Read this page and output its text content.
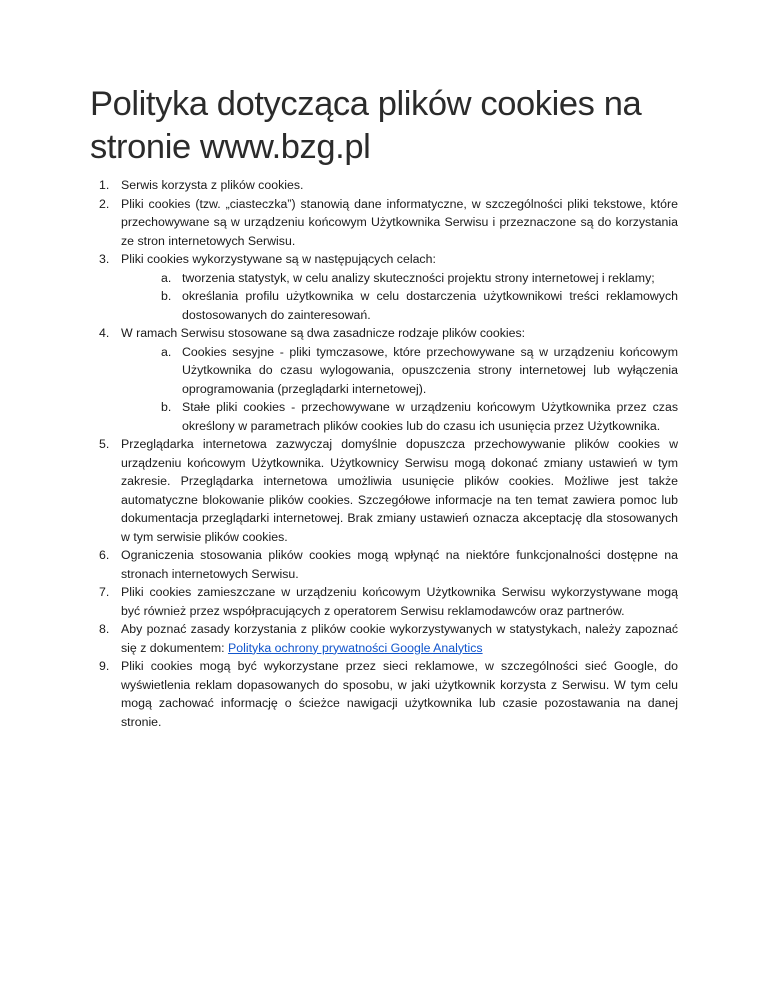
Polityka dotycząca plików cookies na
stronie www.bzg.pl
1. Serwis korzysta z plików cookies.
2. Pliki cookies (tzw. „ciasteczka”) stanowią dane informatyczne, w szczególności pliki tekstowe, które przechowywane są w urządzeniu końcowym Użytkownika Serwisu i przeznaczone są do korzystania ze stron internetowych Serwisu.
3. Pliki cookies wykorzystywane są w następujących celach:
a. tworzenia statystyk, w celu analizy skuteczności projektu strony internetowej i reklamy;
b. określania profilu użytkownika w celu dostarczenia użytkownikowi treści reklamowych dostosowanych do zainteresowań.
4. W ramach Serwisu stosowane są dwa zasadnicze rodzaje plików cookies:
a. Cookies sesyjne - pliki tymczasowe, które przechowywane są w urządzeniu końcowym Użytkownika do czasu wylogowania, opuszczenia strony internetowej lub wyłączenia oprogramowania (przeglądarki internetowej).
b. Stałe pliki cookies - przechowywane w urządzeniu końcowym Użytkownika przez czas określony w parametrach plików cookies lub do czasu ich usunięcia przez Użytkownika.
5. Przeglądarka internetowa zazwyczaj domyślnie dopuszcza przechowywanie plików cookies w urządzeniu końcowym Użytkownika. Użytkownicy Serwisu mogą dokonać zmiany ustawień w tym zakresie. Przeglądarka internetowa umożliwia usunięcie plików cookies. Możliwe jest także automatyczne blokowanie plików cookies. Szczegółowe informacje na ten temat zawiera pomoc lub dokumentacja przeglądarki internetowej. Brak zmiany ustawień oznacza akceptację dla stosowanych w tym serwisie plików cookies.
6. Ograniczenia stosowania plików cookies mogą wpłynąć na niektóre funkcjonalności dostępne na stronach internetowych Serwisu.
7. Pliki cookies zamieszczane w urządzeniu końcowym Użytkownika Serwisu wykorzystywane mogą być również przez współpracujących z operatorem Serwisu reklamodawców oraz partnerów.
8. Aby poznać zasady korzystania z plików cookie wykorzystywanych w statystykach, należy zapoznać się z dokumentem: Polityka ochrony prywatności Google Analytics
9. Pliki cookies mogą być wykorzystane przez sieci reklamowe, w szczególności sieć Google, do wyświetlenia reklam dopasowanych do sposobu, w jaki użytkownik korzysta z Serwisu. W tym celu mogą zachować informację o ścieżce nawigacji użytkownika lub czasie pozostawania na danej stronie.
